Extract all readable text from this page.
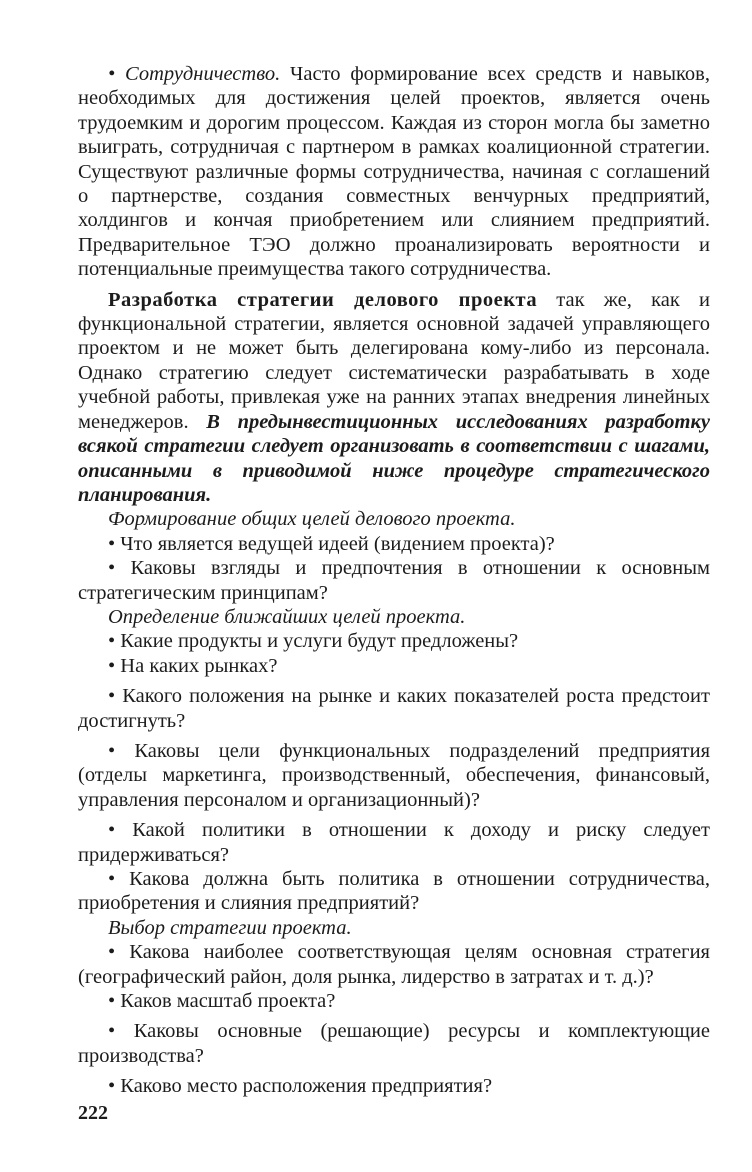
• Сотрудничество. Часто формирование всех средств и навыков, необходимых для достижения целей проектов, является очень трудоемким и дорогим процессом. Каждая из сторон могла бы заметно выиграть, сотрудничая с партнером в рамках коалиционной стратегии. Существуют различные формы сотрудничества, начиная с соглашений о партнерстве, создания совместных венчурных предприятий, холдингов и кончая приобретением или слиянием предприятий. Предварительное ТЭО должно проанализировать вероятности и потенциальные преимущества такого сотрудничества.

Разработка стратегии делового проекта так же, как и функциональной стратегии, является основной задачей управляющего проектом и не может быть делегирована кому-либо из персонала. Однако стратегию следует систематически разрабатывать в ходе учебной работы, привлекая уже на ранних этапах внедрения линейных менеджеров. В предынвестиционных исследованиях разработку всякой стратегии следует организовать в соответствии с шагами, описанными в приводимой ниже процедуре стратегического планирования.

Формирование общих целей делового проекта.

• Что является ведущей идеей (видением проекта)?

• Каковы взгляды и предпочтения в отношении к основным стратегическим принципам?

Определение ближайших целей проекта.

• Какие продукты и услуги будут предложены?

• На каких рынках?

• Какого положения на рынке и каких показателей роста предстоит достигнуть?

• Каковы цели функциональных подразделений предприятия (отделы маркетинга, производственный, обеспечения, финансовый, управления персоналом и организационный)?

• Какой политики в отношении к доходу и риску следует придерживаться?

• Какова должна быть политика в отношении сотрудничества, приобретения и слияния предприятий?

Выбор стратегии проекта.

• Какова наиболее соответствующая целям основная стратегия (географический район, доля рынка, лидерство в затратах и т. д.)?

• Каков масштаб проекта?

• Каковы основные (решающие) ресурсы и комплектующие производства?

• Каково место расположения предприятия?

222
